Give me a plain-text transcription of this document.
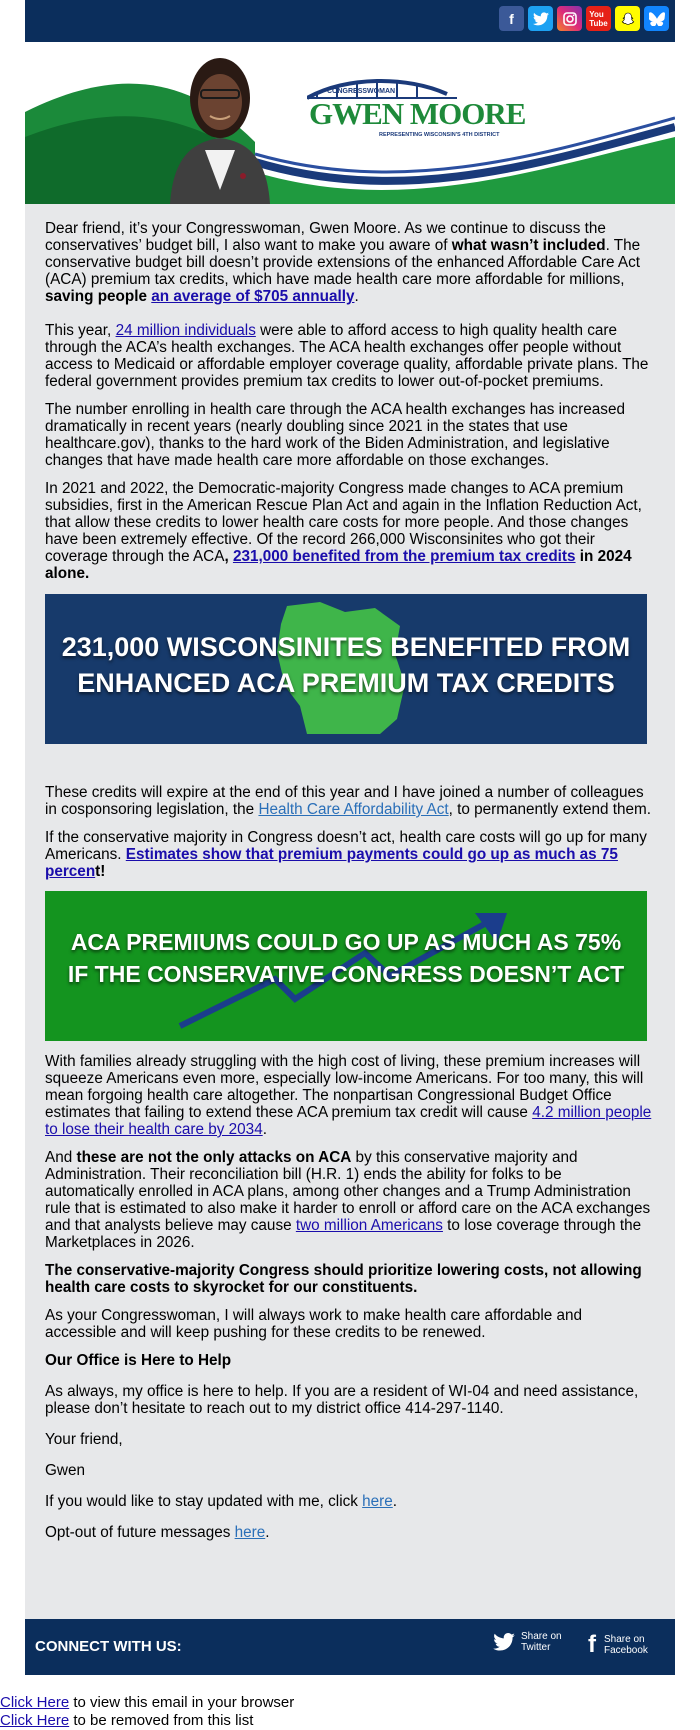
f	You
Tube
CONGRESSWOMAN
GWEN MOORE
REPRESENTING WISCONSIN'S 4TH DISTRICT

Dear friend, it’s your Congresswoman, Gwen Moore. As we continue to discuss the conservatives’ budget bill, I also want to make you aware of what wasn’t included. The conservative budget bill doesn’t provide extensions of the enhanced Affordable Care Act (ACA) premium tax credits, which have made health care more affordable for millions, saving people an average of $705 annually.

This year, 24 million individuals were able to afford access to high quality health care through the ACA’s health exchanges. The ACA health exchanges offer people without access to Medicaid or affordable employer coverage quality, affordable private plans. The federal government provides premium tax credits to lower out-of-pocket premiums.

The number enrolling in health care through the ACA health exchanges has increased dramatically in recent years (nearly doubling since 2021 in the states that use healthcare.gov), thanks to the hard work of the Biden Administration, and legislative changes that have made health care more affordable on those exchanges.

In 2021 and 2022, the Democratic-majority Congress made changes to ACA premium subsidies, first in the American Rescue Plan Act and again in the Inflation Reduction Act, that allow these credits to lower health care costs for more people. And those changes have been extremely effective. Of the record 266,000 Wisconsinites who got their coverage through the ACA, 231,000 benefited from the premium tax credits in 2024 alone.

231,000 WISCONSINITES BENEFITED FROM
ENHANCED ACA PREMIUM TAX CREDITS

These credits will expire at the end of this year and I have joined a number of colleagues in cosponsoring legislation, the Health Care Affordability Act, to permanently extend them.

If the conservative majority in Congress doesn’t act, health care costs will go up for many Americans. Estimates show that premium payments could go up as much as 75 percent!

ACA PREMIUMS COULD GO UP AS MUCH AS 75%
IF THE CONSERVATIVE CONGRESS DOESN’T ACT

With families already struggling with the high cost of living, these premium increases will squeeze Americans even more, especially low-income Americans. For too many, this will mean forgoing health care altogether. The nonpartisan Congressional Budget Office estimates that failing to extend these ACA premium tax credit will cause 4.2 million people to lose their health care by 2034.

And these are not the only attacks on ACA by this conservative majority and Administration. Their reconciliation bill (H.R. 1) ends the ability for folks to be automatically enrolled in ACA plans, among other changes and a Trump Administration rule that is estimated to also make it harder to enroll or afford care on the ACA exchanges and that analysts believe may cause two million Americans to lose coverage through the Marketplaces in 2026.

The conservative-majority Congress should prioritize lowering costs, not allowing health care costs to skyrocket for our constituents.

As your Congresswoman, I will always work to make health care affordable and accessible and will keep pushing for these credits to be renewed.

Our Office is Here to Help

As always, my office is here to help. If you are a resident of WI-04 and need assistance, please don’t hesitate to reach out to my district office 414-297-1140.

Your friend,

Gwen

If you would like to stay updated with me, click here.

Opt-out of future messages here.

CONNECT WITH US:
Share on
Twitter	f Share on
Facebook
Click Here to view this email in your browser
Click Here to be removed from this list
